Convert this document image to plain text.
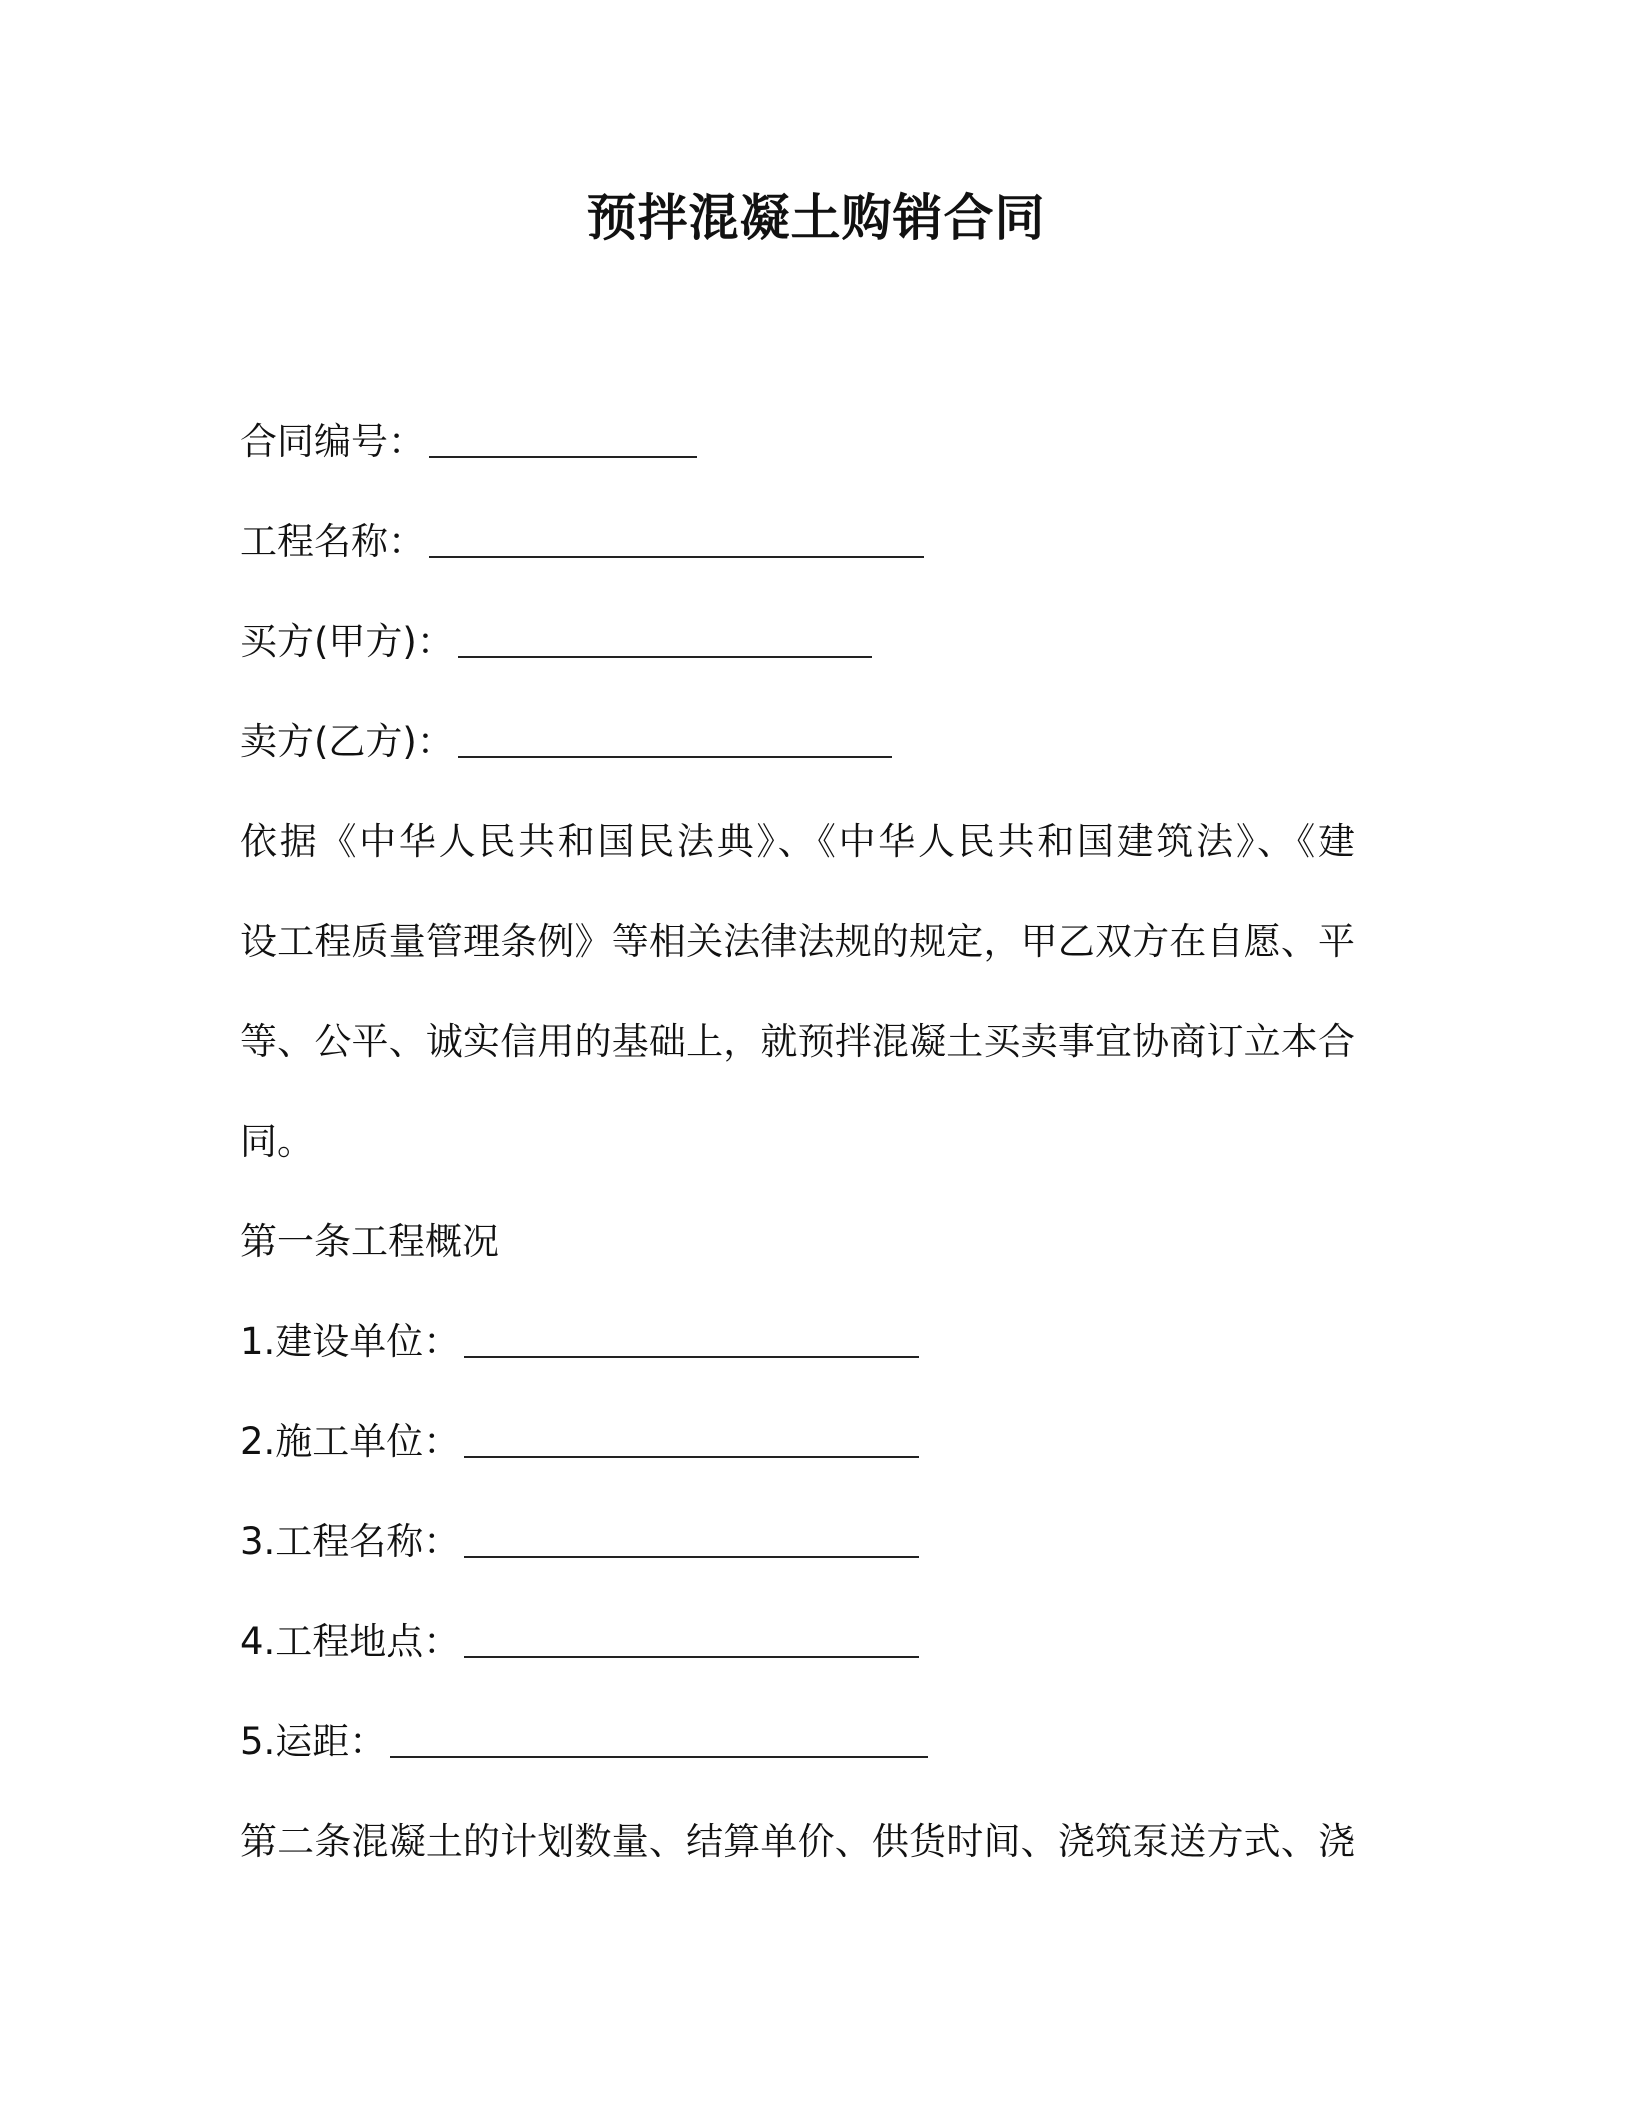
预拌混凝土购销合同
合同编号：
工程名称：
买方(甲方)：
卖方(乙方)：
依据《中华人民共和国民法典》、《中华人民共和国建筑法》、《建
设工程质量管理条例》等相关法律法规的规定，甲乙双方在自愿、平
等、公平、诚实信用的基础上，就预拌混凝土买卖事宜协商订立本合
同。
第一条工程概况
1.建设单位：
2.施工单位：
3.工程名称：
4.工程地点：
5.运距：
第二条混凝土的计划数量、结算单价、供货时间、浇筑泵送方式、浇
